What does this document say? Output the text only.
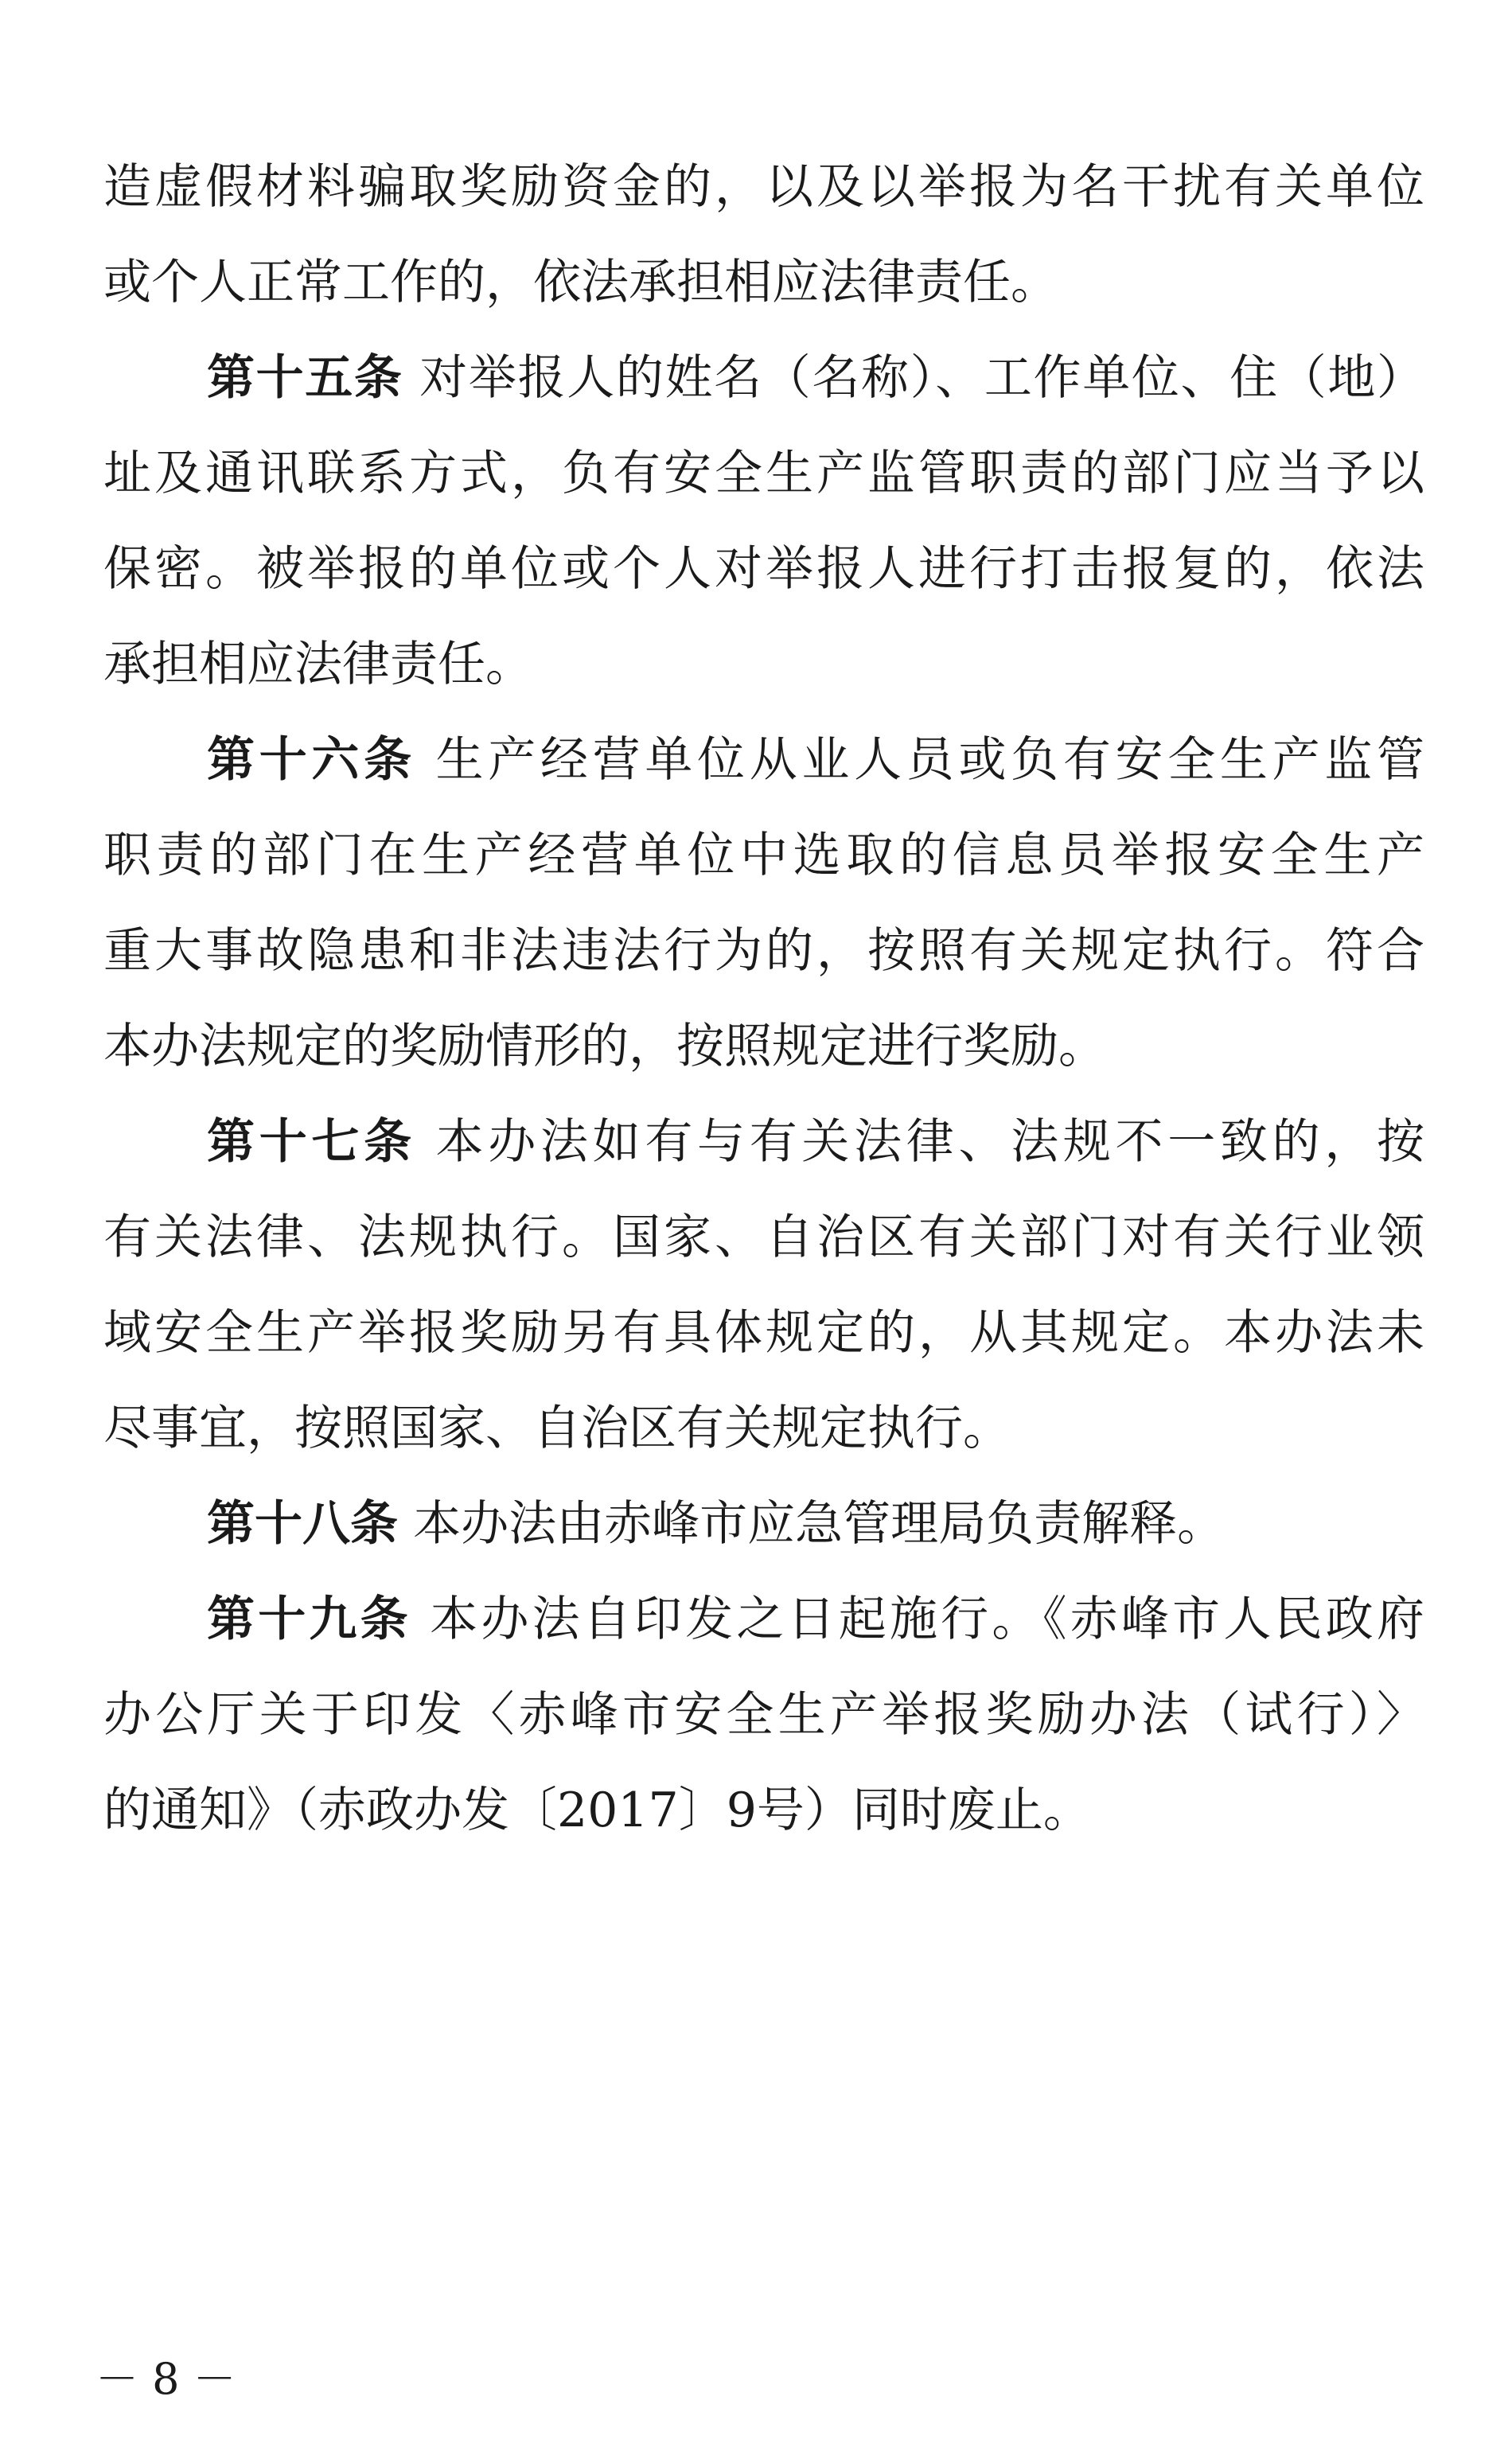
造虚假材料骗取奖励资金的，以及以举报为名干扰有关单位
或个人正常工作的，依法承担相应法律责任。
第十五条 对举报人的姓名（名称）、工作单位、住（地）
址及通讯联系方式，负有安全生产监管职责的部门应当予以
保密。被举报的单位或个人对举报人进行打击报复的，依法
承担相应法律责任。
第十六条 生产经营单位从业人员或负有安全生产监管
职责的部门在生产经营单位中选取的信息员举报安全生产
重大事故隐患和非法违法行为的，按照有关规定执行。符合
本办法规定的奖励情形的，按照规定进行奖励。
第十七条 本办法如有与有关法律、法规不一致的，按
有关法律、法规执行。国家、自治区有关部门对有关行业领
域安全生产举报奖励另有具体规定的，从其规定。本办法未
尽事宜，按照国家、自治区有关规定执行。
第十八条 本办法由赤峰市应急管理局负责解释。
第十九条 本办法自印发之日起施行。《赤峰市人民政府
办公厅关于印发〈赤峰市安全生产举报奖励办法（试行）〉
的通知》（赤政办发〔2017〕9号）同时废止。
－ 8 －
